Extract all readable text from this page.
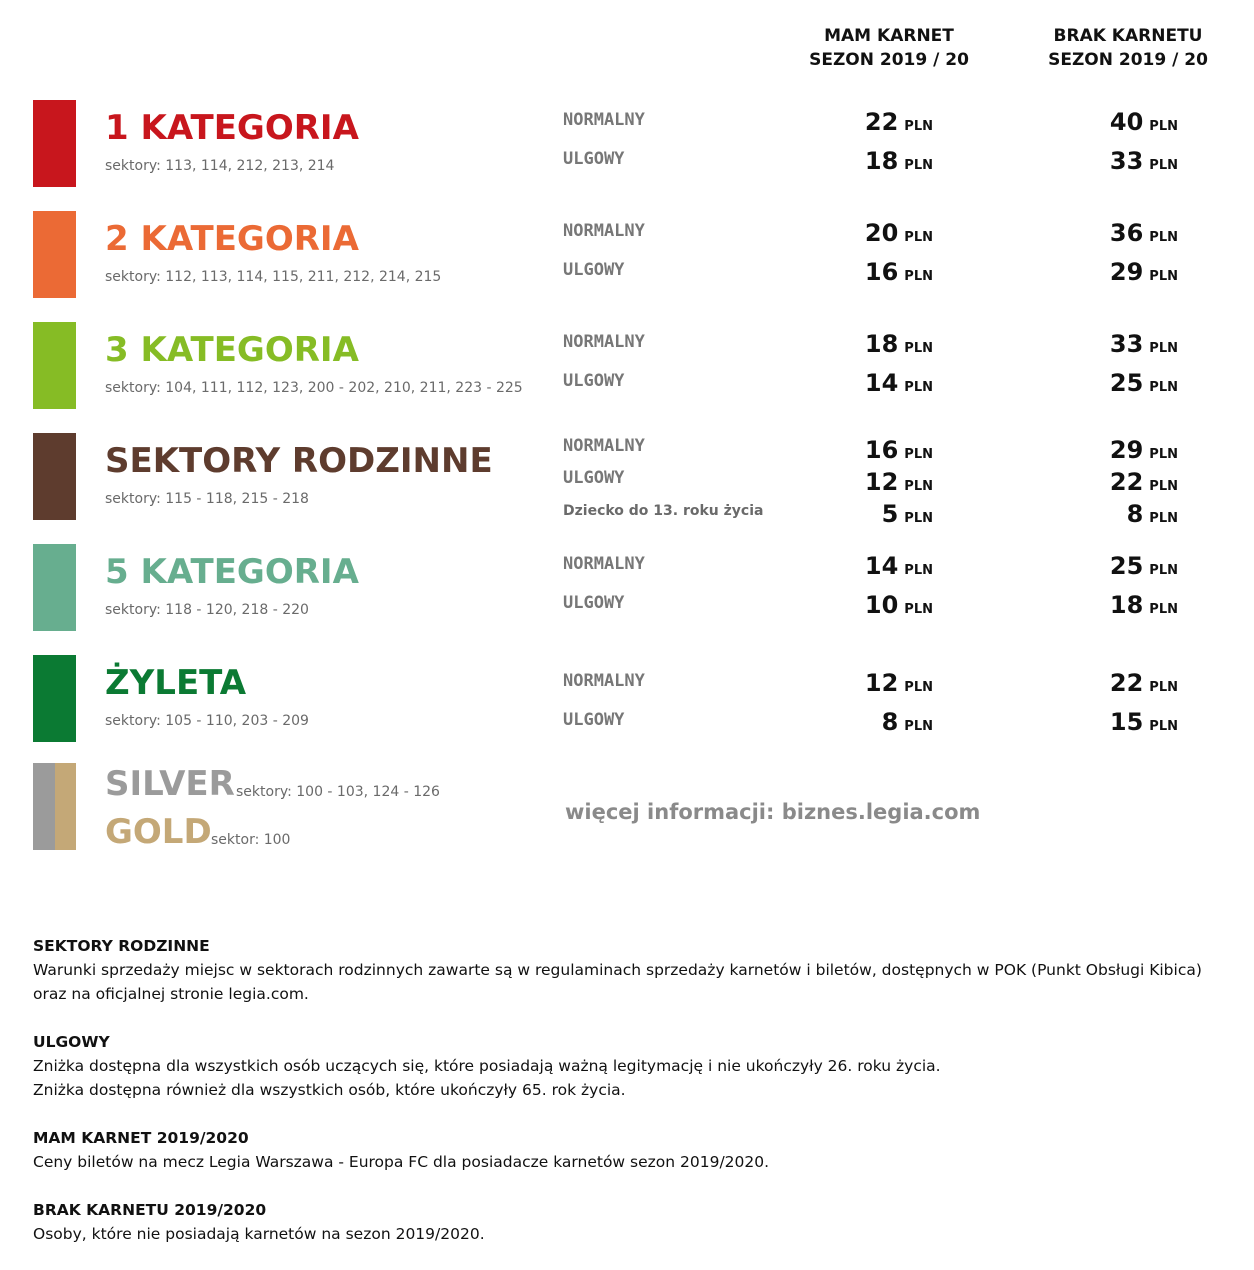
MAM KARNET
SEZON 2019 / 20
BRAK KARNETU
SEZON 2019 / 20
1 KATEGORIA
sektory: 113, 114, 212, 213, 214
NORMALNY	22 PLN	40 PLN
ULGOWY	18 PLN	33 PLN
2 KATEGORIA
sektory: 112, 113, 114, 115, 211, 212, 214, 215
NORMALNY	20 PLN	36 PLN
ULGOWY	16 PLN	29 PLN
3 KATEGORIA
sektory: 104, 111, 112, 123, 200 - 202, 210, 211, 223 - 225
NORMALNY	18 PLN	33 PLN
ULGOWY	14 PLN	25 PLN
SEKTORY RODZINNE
sektory: 115 - 118, 215 - 218
NORMALNY	16 PLN	29 PLN
ULGOWY	12 PLN	22 PLN
Dziecko do 13. roku życia	5 PLN	8 PLN
5 KATEGORIA
sektory: 118 - 120, 218 - 220
NORMALNY	14 PLN	25 PLN
ULGOWY	10 PLN	18 PLN
ŻYLETA
sektory: 105 - 110, 203 - 209
NORMALNY	12 PLN	22 PLN
ULGOWY	8 PLN	15 PLN
SILVER sektory: 100 - 103, 124 - 126
GOLD sektor: 100
więcej informacji: biznes.legia.com
SEKTORY RODZINNE
Warunki sprzedaży miejsc w sektorach rodzinnych zawarte są w regulaminach sprzedaży karnetów i biletów, dostępnych w POK (Punkt Obsługi Kibica)
oraz na oficjalnej stronie legia.com.
ULGOWY
Zniżka dostępna dla wszystkich osób uczących się, które posiadają ważną legitymację i nie ukończyły 26. roku życia.
Zniżka dostępna również dla wszystkich osób, które ukończyły 65. rok życia.
MAM KARNET 2019/2020
Ceny biletów na mecz Legia Warszawa - Europa FC dla posiadacze karnetów sezon 2019/2020.
BRAK KARNETU 2019/2020
Osoby, które nie posiadają karnetów na sezon 2019/2020.
